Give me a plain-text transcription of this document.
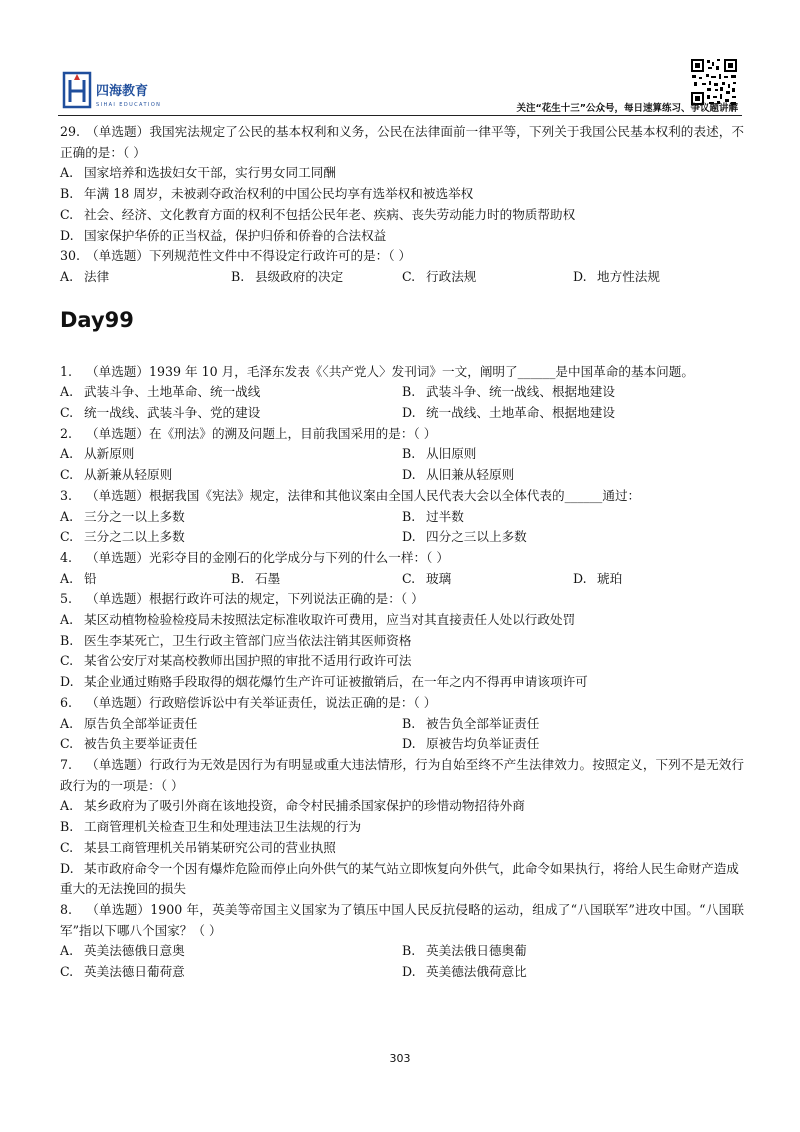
四海教育
SIHAI EDUCATION	关注“花生十三”公众号，每日速算练习、争议题讲解
29. （单选题）我国宪法规定了公民的基本权利和义务，公民在法律面前一律平等，下列关于我国公民基本权利的表述，不正确的是：（ ）
A. 国家培养和选拔妇女干部，实行男女同工同酬
B. 年满 18 周岁，未被剥夺政治权利的中国公民均享有选举权和被选举权
C. 社会、经济、文化教育方面的权利不包括公民年老、疾病、丧失劳动能力时的物质帮助权
D. 国家保护华侨的正当权益，保护归侨和侨眷的合法权益
30. （单选题）下列规范性文件中不得设定行政许可的是：（ ）
A. 法律	B. 县级政府的决定	C. 行政法规	D. 地方性法规
Day99
1. （单选题）1939 年 10 月，毛泽东发表《〈共产党人〉发刊词》一文，阐明了______是中国革命的基本问题。
A. 武装斗争、土地革命、统一战线	B. 武装斗争、统一战线、根据地建设
C. 统一战线、武装斗争、党的建设	D. 统一战线、土地革命、根据地建设
2. （单选题）在《刑法》的溯及问题上，目前我国采用的是：（ ）
A. 从新原则	B. 从旧原则
C. 从新兼从轻原则	D. 从旧兼从轻原则
3. （单选题）根据我国《宪法》规定，法律和其他议案由全国人民代表大会以全体代表的______通过：
A. 三分之一以上多数	B. 过半数
C. 三分之二以上多数	D. 四分之三以上多数
4. （单选题）光彩夺目的金刚石的化学成分与下列的什么一样：（ ）
A. 铅	B. 石墨	C. 玻璃	D. 琥珀
5. （单选题）根据行政许可法的规定，下列说法正确的是：（ ）
A. 某区动植物检验检疫局未按照法定标准收取许可费用，应当对其直接责任人处以行政处罚
B. 医生李某死亡，卫生行政主管部门应当依法注销其医师资格
C. 某省公安厅对某高校教师出国护照的审批不适用行政许可法
D. 某企业通过贿赂手段取得的烟花爆竹生产许可证被撤销后，在一年之内不得再申请该项许可
6. （单选题）行政赔偿诉讼中有关举证责任，说法正确的是：（ ）
A. 原告负全部举证责任	B. 被告负全部举证责任
C. 被告负主要举证责任	D. 原被告均负举证责任
7. （单选题）行政行为无效是因行为有明显或重大违法情形，行为自始至终不产生法律效力。按照定义，下列不是无效行政行为的一项是：（ ）
A. 某乡政府为了吸引外商在该地投资，命令村民捕杀国家保护的珍惜动物招待外商
B. 工商管理机关检查卫生和处理违法卫生法规的行为
C. 某县工商管理机关吊销某研究公司的营业执照
D. 某市政府命令一个因有爆炸危险而停止向外供气的某气站立即恢复向外供气，此命令如果执行，将给人民生命财产造成重大的无法挽回的损失
8. （单选题）1900 年，英美等帝国主义国家为了镇压中国人民反抗侵略的运动，组成了“八国联军”进攻中国。“八国联军”指以下哪八个国家？（ ）
A. 英美法德俄日意奥	B. 英美法俄日德奥葡
C. 英美法德日葡荷意	D. 英美德法俄荷意比
303
